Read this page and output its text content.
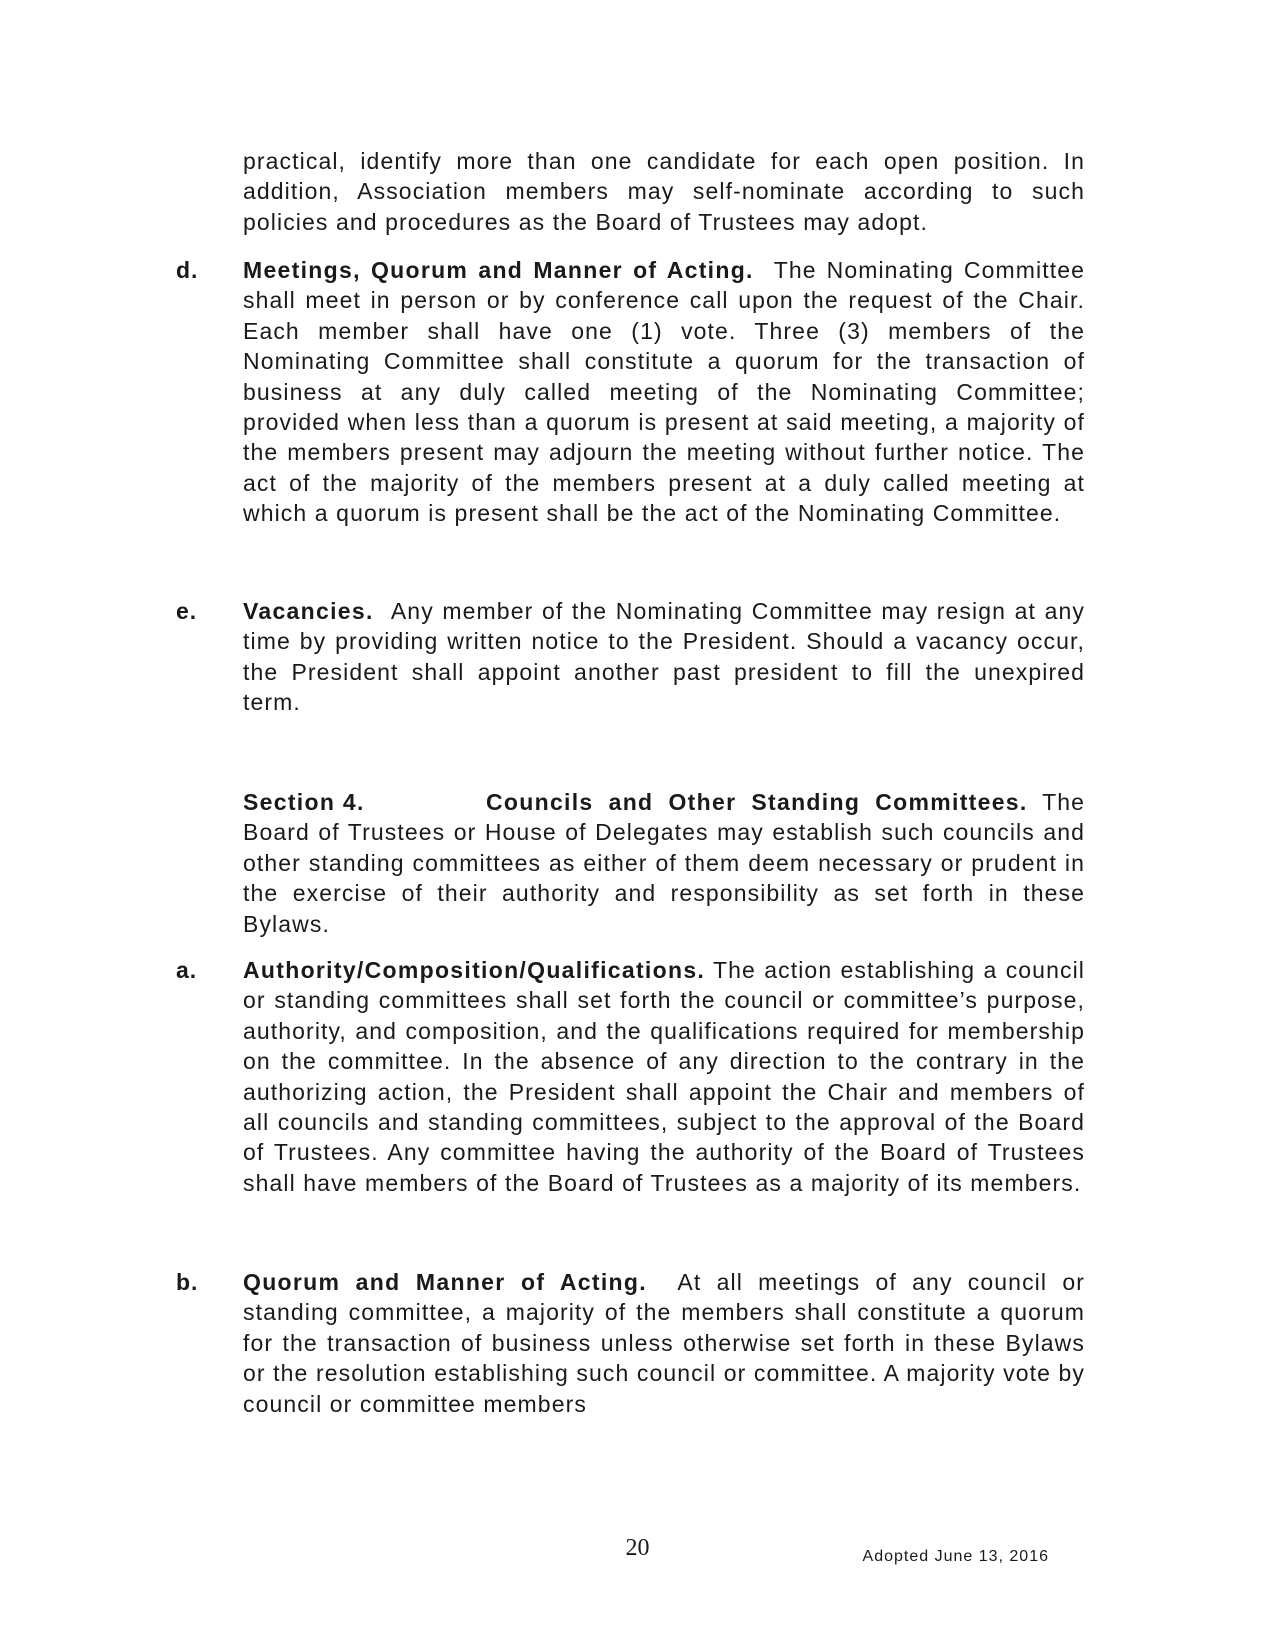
practical, identify more than one candidate for each open position. In addition, Association members may self-nominate according to such policies and procedures as the Board of Trustees may adopt.

d. Meetings, Quorum and Manner of Acting. The Nominating Committee shall meet in person or by conference call upon the request of the Chair. Each member shall have one (1) vote. Three (3) members of the Nominating Committee shall constitute a quorum for the transaction of business at any duly called meeting of the Nominating Committee; provided when less than a quorum is present at said meeting, a majority of the members present may adjourn the meeting without further notice. The act of the majority of the members present at a duly called meeting at which a quorum is present shall be the act of the Nominating Committee.

e. Vacancies. Any member of the Nominating Committee may resign at any time by providing written notice to the President. Should a vacancy occur, the President shall appoint another past president to fill the unexpired term.

Section 4.	Councils and Other Standing Committees. The Board of Trustees or House of Delegates may establish such councils and other standing committees as either of them deem necessary or prudent in the exercise of their authority and responsibility as set forth in these Bylaws.

a. Authority/Composition/Qualifications. The action establishing a council or standing committees shall set forth the council or committee’s purpose, authority, and composition, and the qualifications required for membership on the committee. In the absence of any direction to the contrary in the authorizing action, the President shall appoint the Chair and members of all councils and standing committees, subject to the approval of the Board of Trustees. Any committee having the authority of the Board of Trustees shall have members of the Board of Trustees as a majority of its members.

b. Quorum and Manner of Acting. At all meetings of any council or standing committee, a majority of the members shall constitute a quorum for the transaction of business unless otherwise set forth in these Bylaws or the resolution establishing such council or committee. A majority vote by council or committee members

20	Adopted June 13, 2016
